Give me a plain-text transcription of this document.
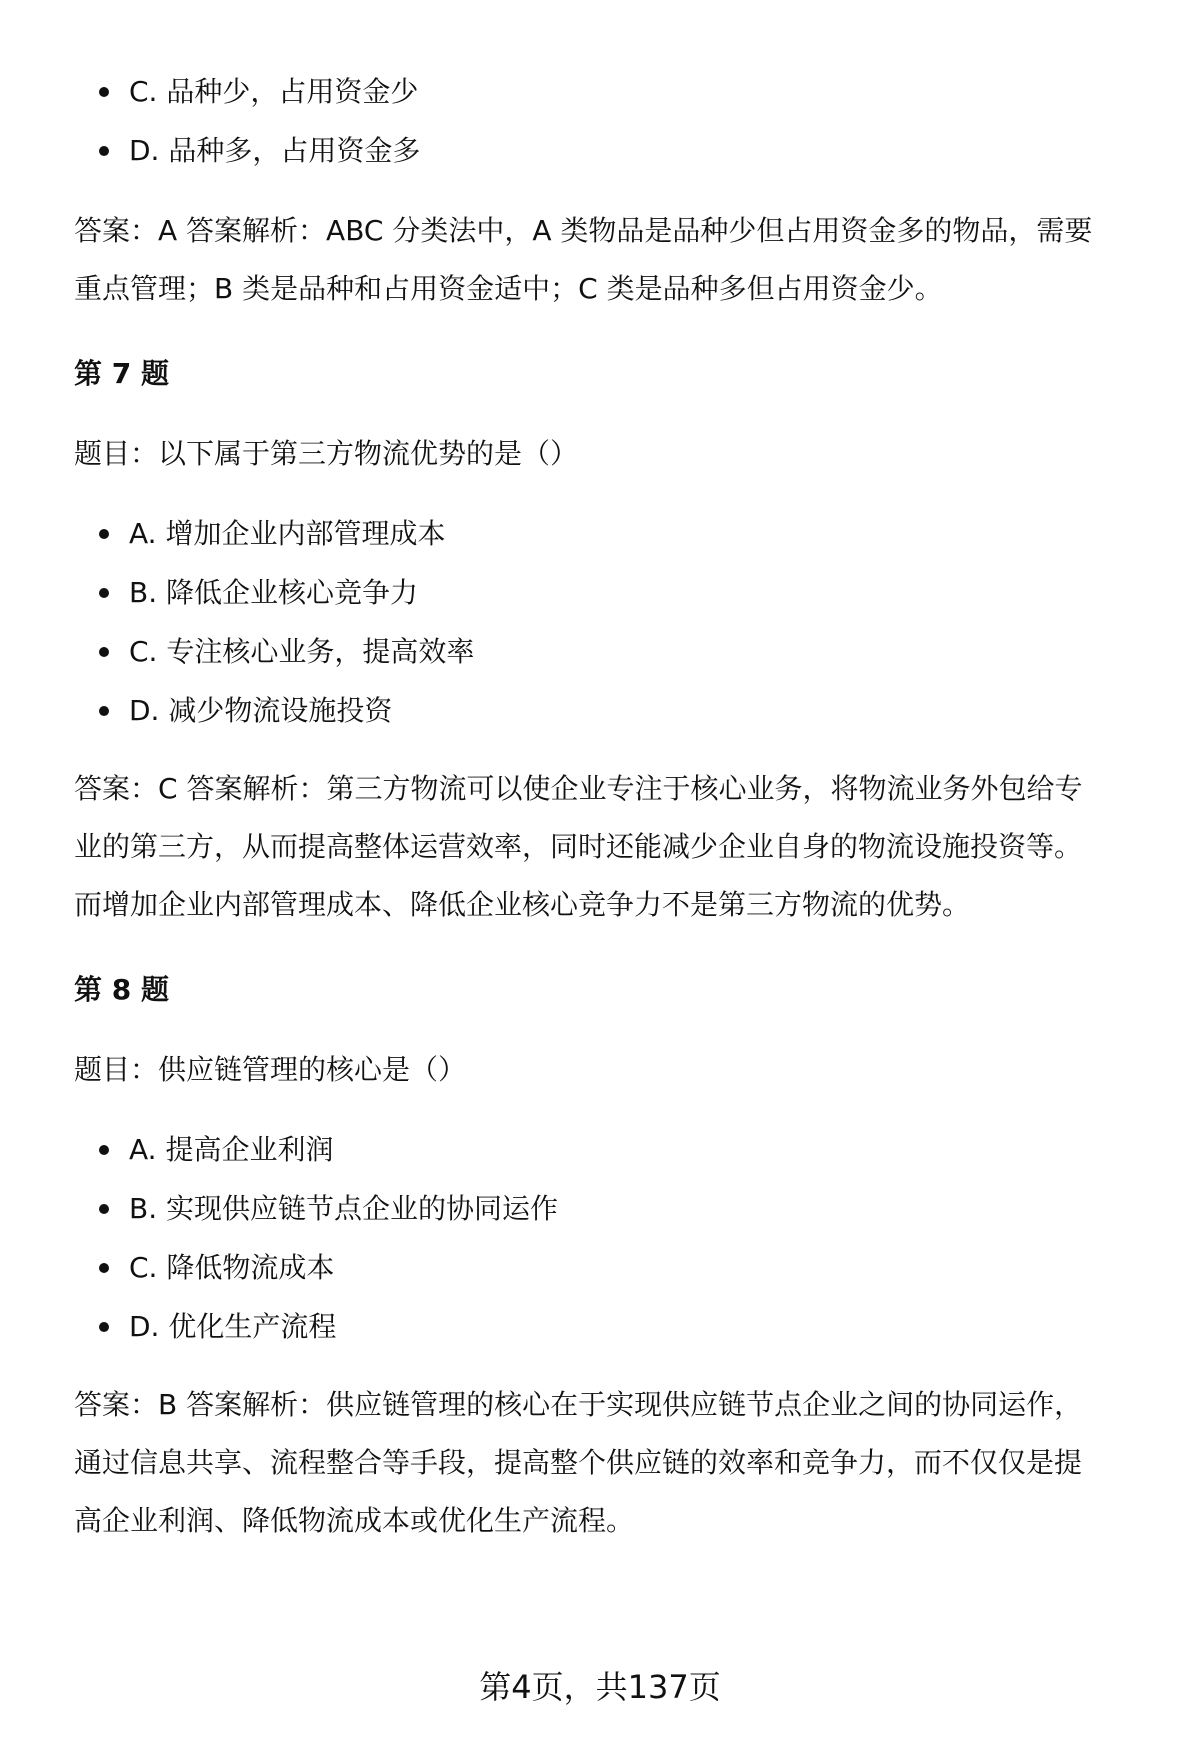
C. 品种少，占用资金少
D. 品种多，占用资金多

答案：A 答案解析：ABC 分类法中，A 类物品是品种少但占用资金多的物品，需要

重点管理；B 类是品种和占用资金适中；C 类是品种多但占用资金少。

第 7 题

题目：以下属于第三方物流优势的是（）

A. 增加企业内部管理成本
B. 降低企业核心竞争力
C. 专注核心业务，提高效率
D. 减少物流设施投资

答案：C 答案解析：第三方物流可以使企业专注于核心业务，将物流业务外包给专

业的第三方，从而提高整体运营效率，同时还能减少企业自身的物流设施投资等。

而增加企业内部管理成本、降低企业核心竞争力不是第三方物流的优势。

第 8 题

题目：供应链管理的核心是（）

A. 提高企业利润
B. 实现供应链节点企业的协同运作
C. 降低物流成本
D. 优化生产流程

答案：B 答案解析：供应链管理的核心在于实现供应链节点企业之间的协同运作，

通过信息共享、流程整合等手段，提高整个供应链的效率和竞争力，而不仅仅是提

高企业利润、降低物流成本或优化生产流程。

第4页，共137页
